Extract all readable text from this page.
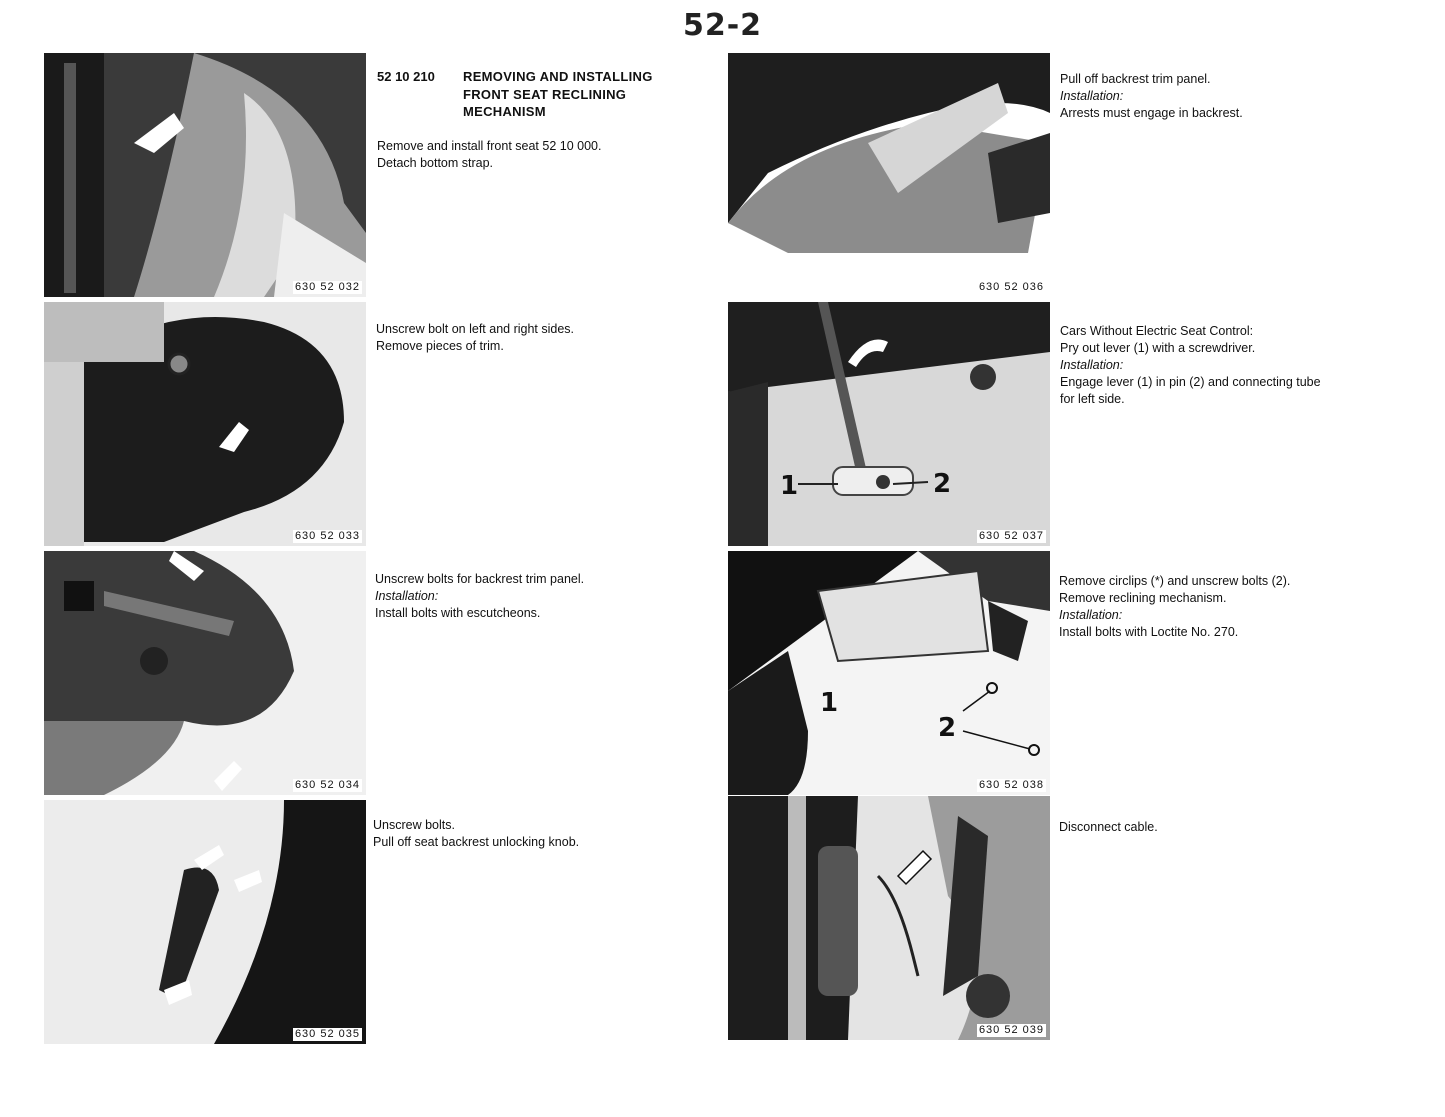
52-2
630 52 032
630 52 033
630 52 034
630 52 035
630 52 036
1	2
630 52 037
1
2
630 52 038
630 52 039
52 10 210 REMOVING AND INSTALLING
FRONT SEAT RECLINING
MECHANISM
Remove and install front seat 52 10 000.
Detach bottom strap.
Unscrew bolt on left and right sides.
Remove pieces of trim.
Unscrew bolts for backrest trim panel.
Installation:
Install bolts with escutcheons.
Unscrew bolts.
Pull off seat backrest unlocking knob.
Pull off backrest trim panel.
Installation:
Arrests must engage in backrest.
Cars Without Electric Seat Control:
Pry out lever (1) with a screwdriver.
Installation:
Engage lever (1) in pin (2) and connecting tube
for left side.
Remove circlips (*) and unscrew bolts (2).
Remove reclining mechanism.
Installation:
Install bolts with Loctite No. 270.
Disconnect cable.
